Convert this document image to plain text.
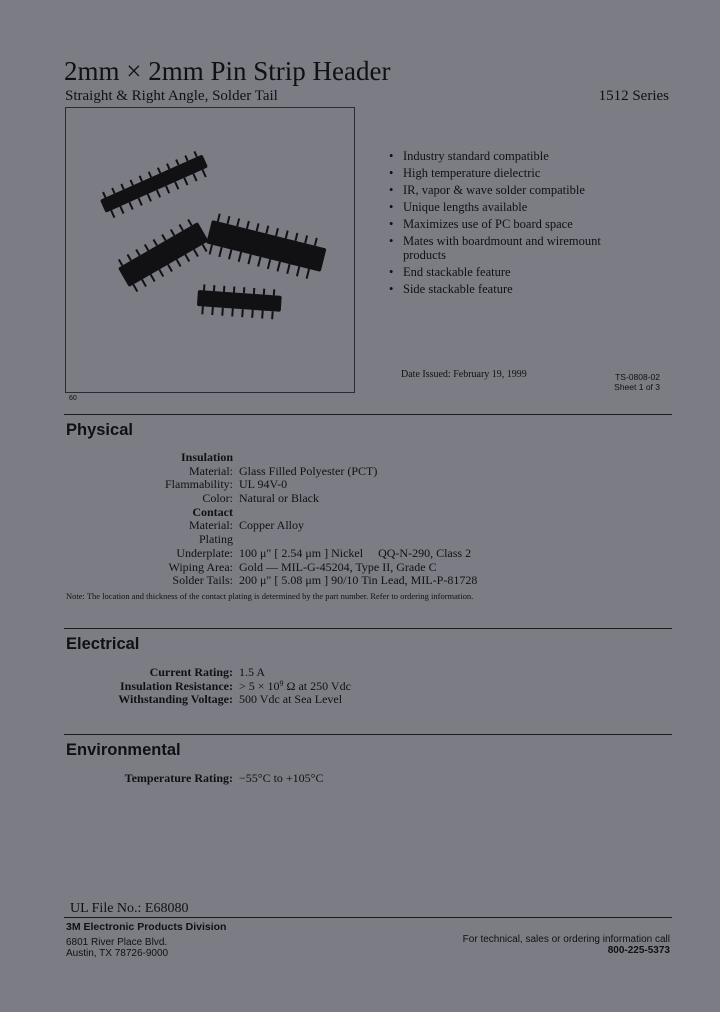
2mm × 2mm Pin Strip Header
Straight & Right Angle, Solder Tail	1512 Series
60
• Industry standard compatible
• High temperature dielectric
• IR, vapor & wave solder compatible
• Unique lengths available
• Maximizes use of PC board space
• Mates with boardmount and wiremount products
• End stackable feature
• Side stackable feature
Date Issued: February 19, 1999	TS-0808-02
Sheet 1 of 3
Physical
Insulation
Material: Glass Filled Polyester (PCT)
Flammability: UL 94V-0
Color: Natural or Black
Contact
Material: Copper Alloy
Plating
Underplate: 100 μ" [ 2.54 μm ] Nickel     QQ-N-290, Class 2
Wiping Area: Gold — MIL-G-45204, Type II, Grade C
Solder Tails: 200 μ" [ 5.08 μm ] 90/10 Tin Lead, MIL-P-81728
Note: The location and thickness of the contact plating is determined by the part number. Refer to ordering information.
Electrical
Current Rating: 1.5 A
Insulation Resistance: > $5 \times 10^9$ Ω at 250 Vdc
Withstanding Voltage: 500 Vdc at Sea Level
Environmental
Temperature Rating: −55°C to +105°C
UL File No.: E68080
3M Electronic Products Division
6801 River Place Blvd.
Austin, TX 78726-9000
For technical, sales or ordering information call
800-225-5373
